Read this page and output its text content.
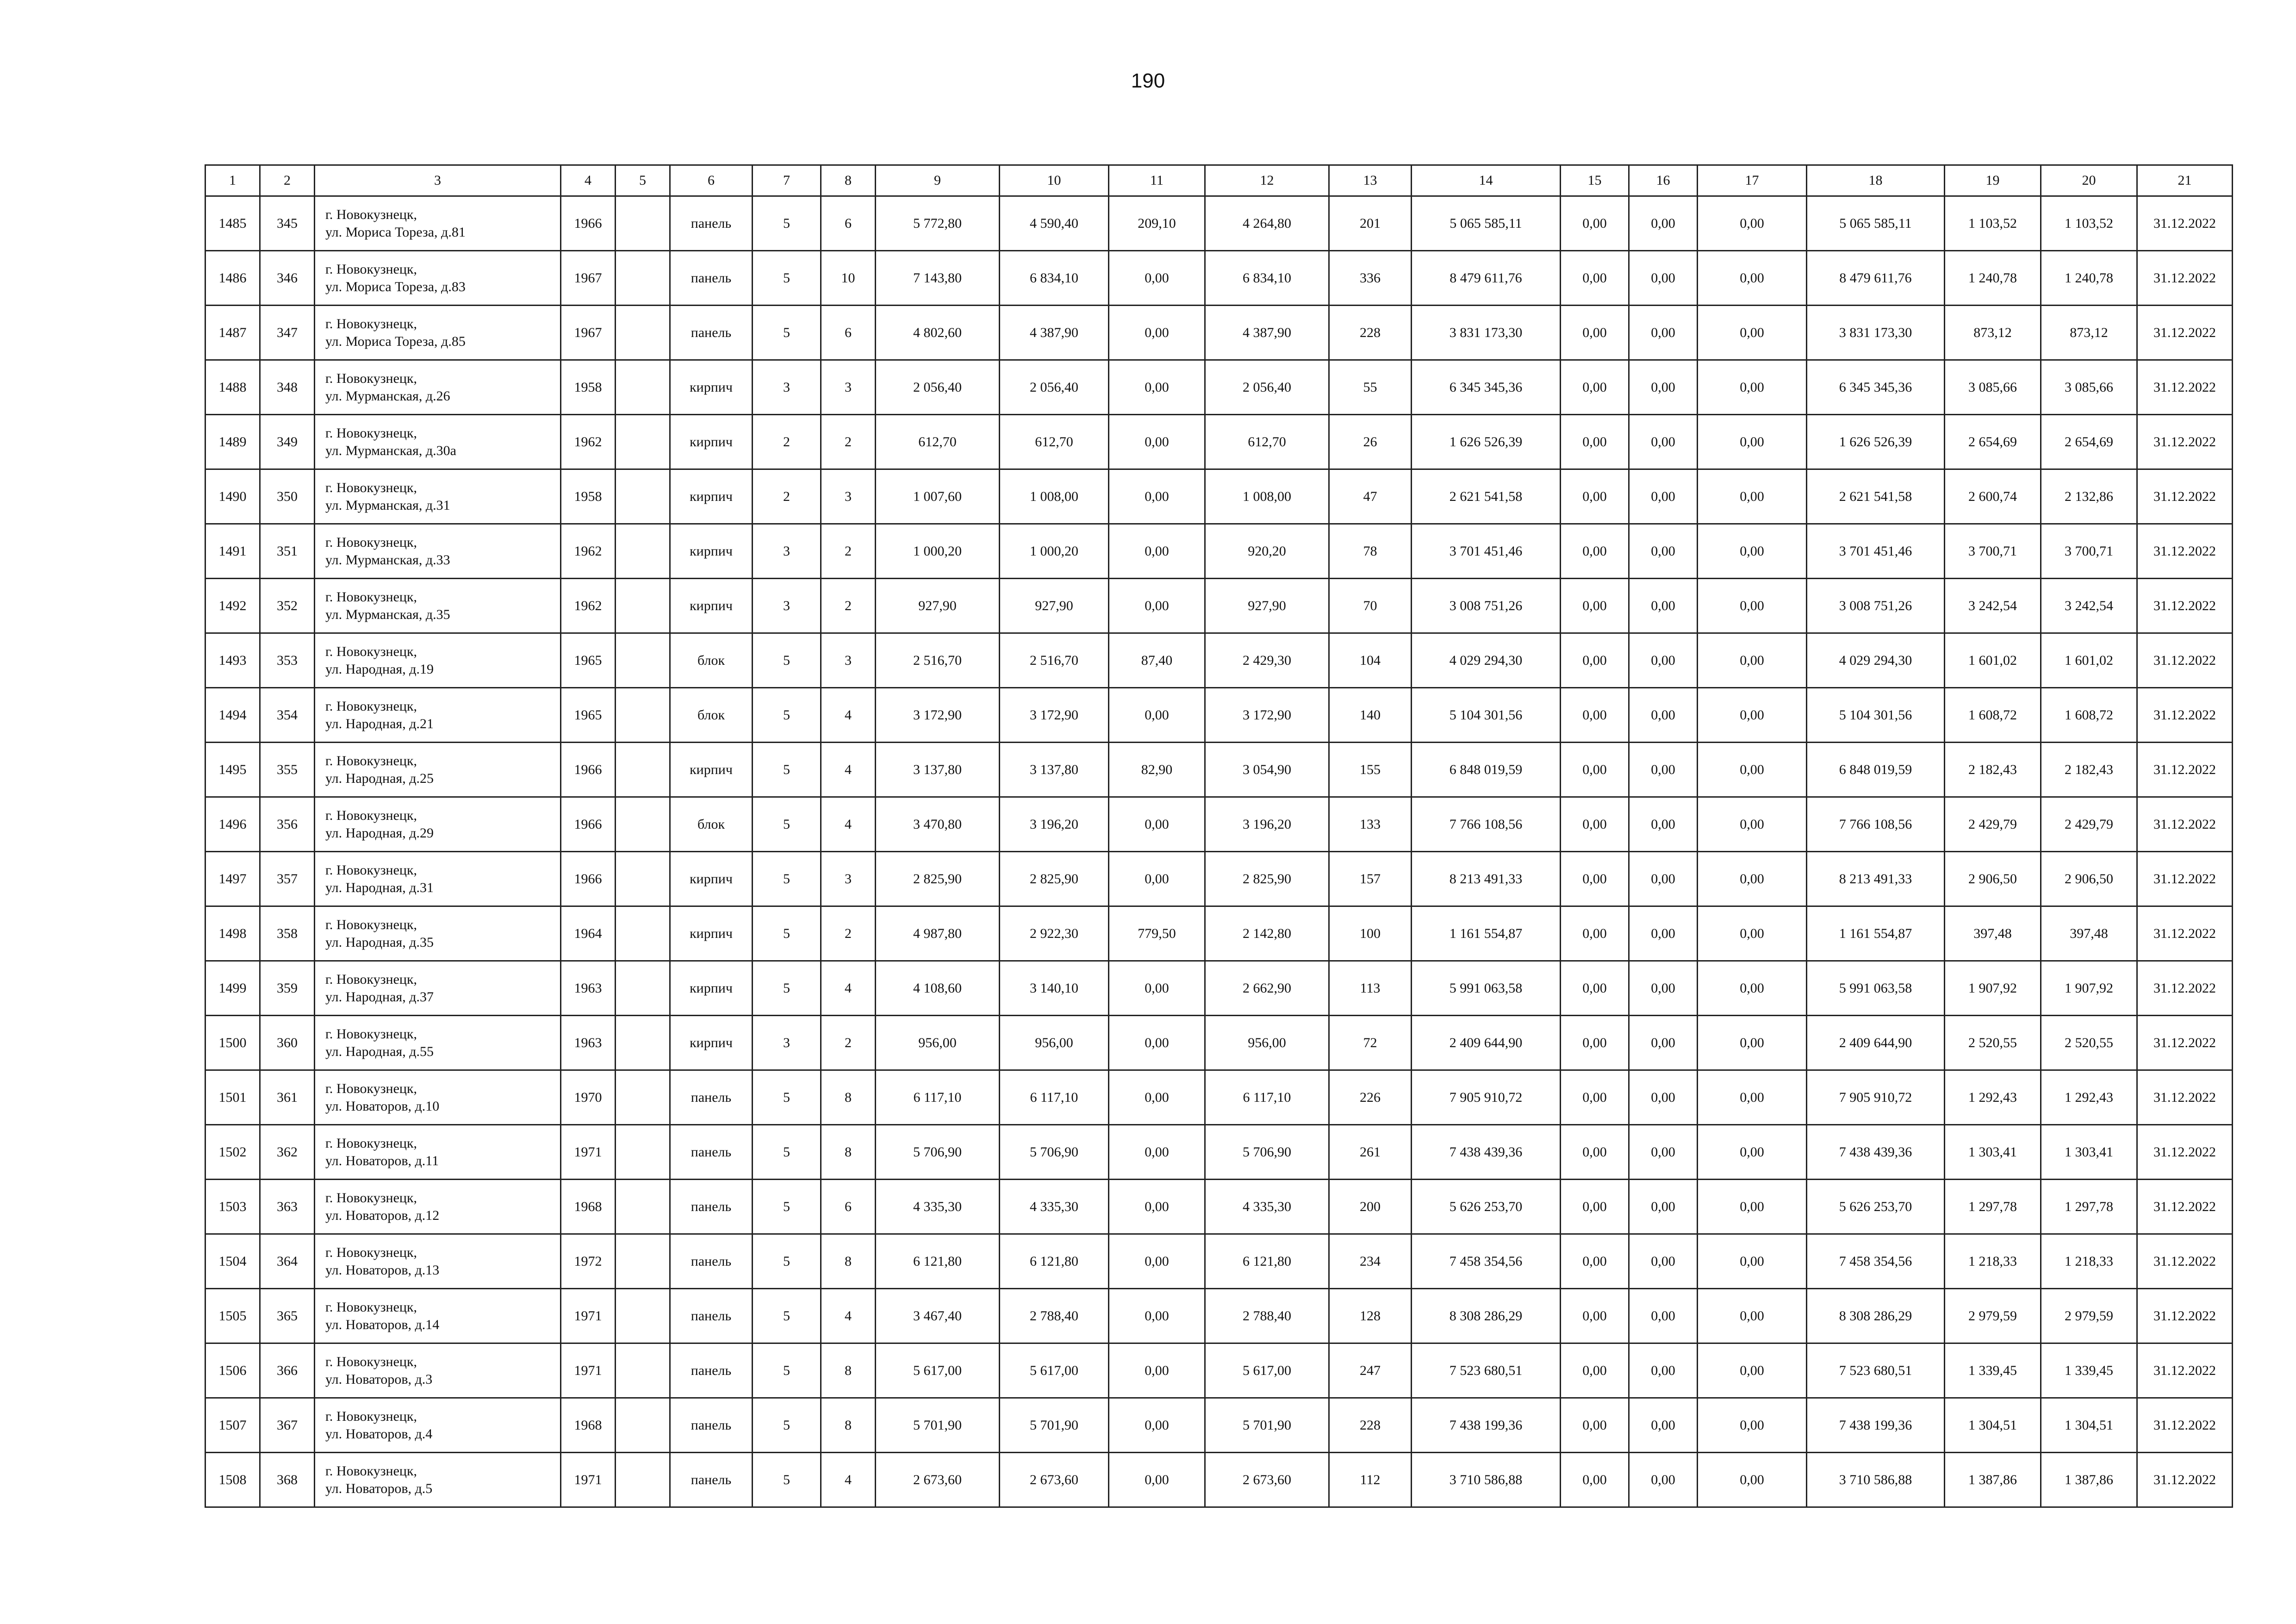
190
1	2	3	4	5	6	7	8	9	10	11	12	13	14	15	16	17	18	19	20	21
1485	345	г. Новокузнецк,
ул. Мориса Тореза, д.81	1966		панель	5	6	5 772,80	4 590,40	209,10	4 264,80	201	5 065 585,11	0,00	0,00	0,00	5 065 585,11	1 103,52	1 103,52	31.12.2022
1486	346	г. Новокузнецк,
ул. Мориса Тореза, д.83	1967		панель	5	10	7 143,80	6 834,10	0,00	6 834,10	336	8 479 611,76	0,00	0,00	0,00	8 479 611,76	1 240,78	1 240,78	31.12.2022
1487	347	г. Новокузнецк,
ул. Мориса Тореза, д.85	1967		панель	5	6	4 802,60	4 387,90	0,00	4 387,90	228	3 831 173,30	0,00	0,00	0,00	3 831 173,30	873,12	873,12	31.12.2022
1488	348	г. Новокузнецк,
ул. Мурманская, д.26	1958		кирпич	3	3	2 056,40	2 056,40	0,00	2 056,40	55	6 345 345,36	0,00	0,00	0,00	6 345 345,36	3 085,66	3 085,66	31.12.2022
1489	349	г. Новокузнецк,
ул. Мурманская, д.30а	1962		кирпич	2	2	612,70	612,70	0,00	612,70	26	1 626 526,39	0,00	0,00	0,00	1 626 526,39	2 654,69	2 654,69	31.12.2022
1490	350	г. Новокузнецк,
ул. Мурманская, д.31	1958		кирпич	2	3	1 007,60	1 008,00	0,00	1 008,00	47	2 621 541,58	0,00	0,00	0,00	2 621 541,58	2 600,74	2 132,86	31.12.2022
1491	351	г. Новокузнецк,
ул. Мурманская, д.33	1962		кирпич	3	2	1 000,20	1 000,20	0,00	920,20	78	3 701 451,46	0,00	0,00	0,00	3 701 451,46	3 700,71	3 700,71	31.12.2022
1492	352	г. Новокузнецк,
ул. Мурманская, д.35	1962		кирпич	3	2	927,90	927,90	0,00	927,90	70	3 008 751,26	0,00	0,00	0,00	3 008 751,26	3 242,54	3 242,54	31.12.2022
1493	353	г. Новокузнецк,
ул. Народная, д.19	1965		блок	5	3	2 516,70	2 516,70	87,40	2 429,30	104	4 029 294,30	0,00	0,00	0,00	4 029 294,30	1 601,02	1 601,02	31.12.2022
1494	354	г. Новокузнецк,
ул. Народная, д.21	1965		блок	5	4	3 172,90	3 172,90	0,00	3 172,90	140	5 104 301,56	0,00	0,00	0,00	5 104 301,56	1 608,72	1 608,72	31.12.2022
1495	355	г. Новокузнецк,
ул. Народная, д.25	1966		кирпич	5	4	3 137,80	3 137,80	82,90	3 054,90	155	6 848 019,59	0,00	0,00	0,00	6 848 019,59	2 182,43	2 182,43	31.12.2022
1496	356	г. Новокузнецк,
ул. Народная, д.29	1966		блок	5	4	3 470,80	3 196,20	0,00	3 196,20	133	7 766 108,56	0,00	0,00	0,00	7 766 108,56	2 429,79	2 429,79	31.12.2022
1497	357	г. Новокузнецк,
ул. Народная, д.31	1966		кирпич	5	3	2 825,90	2 825,90	0,00	2 825,90	157	8 213 491,33	0,00	0,00	0,00	8 213 491,33	2 906,50	2 906,50	31.12.2022
1498	358	г. Новокузнецк,
ул. Народная, д.35	1964		кирпич	5	2	4 987,80	2 922,30	779,50	2 142,80	100	1 161 554,87	0,00	0,00	0,00	1 161 554,87	397,48	397,48	31.12.2022
1499	359	г. Новокузнецк,
ул. Народная, д.37	1963		кирпич	5	4	4 108,60	3 140,10	0,00	2 662,90	113	5 991 063,58	0,00	0,00	0,00	5 991 063,58	1 907,92	1 907,92	31.12.2022
1500	360	г. Новокузнецк,
ул. Народная, д.55	1963		кирпич	3	2	956,00	956,00	0,00	956,00	72	2 409 644,90	0,00	0,00	0,00	2 409 644,90	2 520,55	2 520,55	31.12.2022
1501	361	г. Новокузнецк,
ул. Новаторов, д.10	1970		панель	5	8	6 117,10	6 117,10	0,00	6 117,10	226	7 905 910,72	0,00	0,00	0,00	7 905 910,72	1 292,43	1 292,43	31.12.2022
1502	362	г. Новокузнецк,
ул. Новаторов, д.11	1971		панель	5	8	5 706,90	5 706,90	0,00	5 706,90	261	7 438 439,36	0,00	0,00	0,00	7 438 439,36	1 303,41	1 303,41	31.12.2022
1503	363	г. Новокузнецк,
ул. Новаторов, д.12	1968		панель	5	6	4 335,30	4 335,30	0,00	4 335,30	200	5 626 253,70	0,00	0,00	0,00	5 626 253,70	1 297,78	1 297,78	31.12.2022
1504	364	г. Новокузнецк,
ул. Новаторов, д.13	1972		панель	5	8	6 121,80	6 121,80	0,00	6 121,80	234	7 458 354,56	0,00	0,00	0,00	7 458 354,56	1 218,33	1 218,33	31.12.2022
1505	365	г. Новокузнецк,
ул. Новаторов, д.14	1971		панель	5	4	3 467,40	2 788,40	0,00	2 788,40	128	8 308 286,29	0,00	0,00	0,00	8 308 286,29	2 979,59	2 979,59	31.12.2022
1506	366	г. Новокузнецк,
ул. Новаторов, д.3	1971		панель	5	8	5 617,00	5 617,00	0,00	5 617,00	247	7 523 680,51	0,00	0,00	0,00	7 523 680,51	1 339,45	1 339,45	31.12.2022
1507	367	г. Новокузнецк,
ул. Новаторов, д.4	1968		панель	5	8	5 701,90	5 701,90	0,00	5 701,90	228	7 438 199,36	0,00	0,00	0,00	7 438 199,36	1 304,51	1 304,51	31.12.2022
1508	368	г. Новокузнецк,
ул. Новаторов, д.5	1971		панель	5	4	2 673,60	2 673,60	0,00	2 673,60	112	3 710 586,88	0,00	0,00	0,00	3 710 586,88	1 387,86	1 387,86	31.12.2022
